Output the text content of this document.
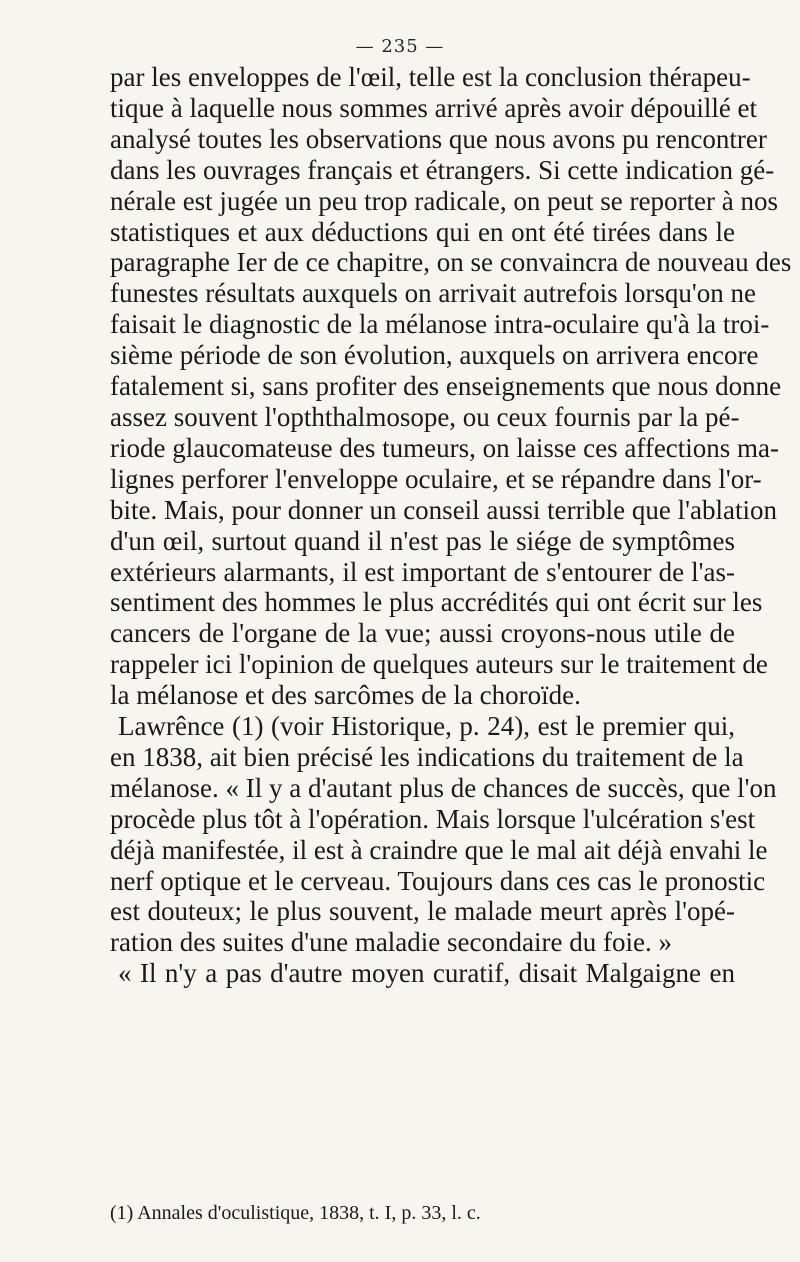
— 235 —
par les enveloppes de l'œil, telle est la conclusion thérapeu-
tique à laquelle nous sommes arrivé après avoir dépouillé et
analysé toutes les observations que nous avons pu rencontrer
dans les ouvrages français et étrangers. Si cette indication gé-
nérale est jugée un peu trop radicale, on peut se reporter à nos
statistiques et aux déductions qui en ont été tirées dans le
paragraphe Ier de ce chapitre, on se convaincra de nouveau des
funestes résultats auxquels on arrivait autrefois lorsqu'on ne
faisait le diagnostic de la mélanose intra-oculaire qu'à la troi-
sième période de son évolution, auxquels on arrivera encore
fatalement si, sans profiter des enseignements que nous donne
assez souvent l'opththalmosope, ou ceux fournis par la pé-
riode glaucomateuse des tumeurs, on laisse ces affections ma-
lignes perforer l'enveloppe oculaire, et se répandre dans l'or-
bite. Mais, pour donner un conseil aussi terrible que l'ablation
d'un œil, surtout quand il n'est pas le siége de symptômes
extérieurs alarmants, il est important de s'entourer de l'as-
sentiment des hommes le plus accrédités qui ont écrit sur les
cancers de l'organe de la vue; aussi croyons-nous utile de
rappeler ici l'opinion de quelques auteurs sur le traitement de
la mélanose et des sarcômes de la choroïde.
Lawrênce (1) (voir Historique, p. 24), est le premier qui,
en 1838, ait bien précisé les indications du traitement de la
mélanose. « Il y a d'autant plus de chances de succès, que l'on
procède plus tôt à l'opération. Mais lorsque l'ulcération s'est
déjà manifestée, il est à craindre que le mal ait déjà envahi le
nerf optique et le cerveau. Toujours dans ces cas le pronostic
est douteux; le plus souvent, le malade meurt après l'opé-
ration des suites d'une maladie secondaire du foie. »
« Il n'y a pas d'autre moyen curatif, disait Malgaigne en
(1) Annales d'oculistique, 1838, t. I, p. 33, l. c.
